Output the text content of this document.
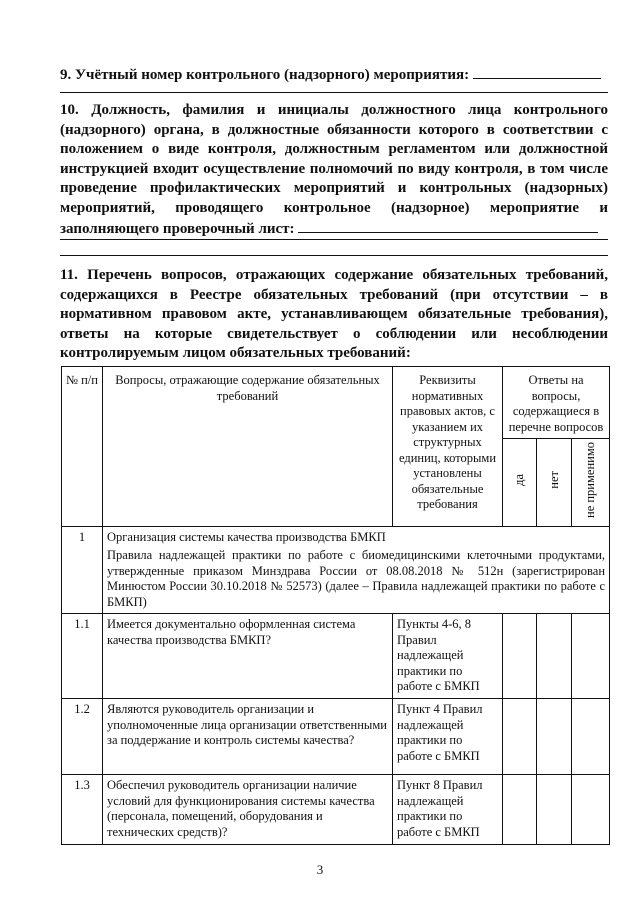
9. Учётный номер контрольного (надзорного) мероприятия:
10. Должность, фамилия и инициалы должностного лица контрольного (надзорного) органа, в должностные обязанности которого в соответствии с положением о виде контроля, должностным регламентом или должностной инструкцией входит осуществление полномочий по виду контроля, в том числе проведение профилактических мероприятий и контрольных (надзорных) мероприятий, проводящего контрольное (надзорное) мероприятие и заполняющего проверочный лист:
11. Перечень вопросов, отражающих содержание обязательных требований, содержащихся в Реестре обязательных требований (при отсутствии – в нормативном правовом акте, устанавливающем обязательные требования), ответы на которые свидетельствует о соблюдении или несоблюдении контролируемым лицом обязательных требований:
№ п/п	Вопросы, отражающие содержание обязательных требований	Реквизиты нормативных правовых актов, с указанием их структурных единиц, которыми установлены обязательные требования	Ответы на вопросы, содержащиеся в перечне вопросов		
			да	нет	не применимо
1	Организация системы качества производства БМКП

Правила надлежащей практики по работе с биомедицинскими клеточными продуктами, утвержденные приказом Минздрава России от 08.08.2018 № 512н (зарегистрирован Минюстом России 30.10.2018 № 52573) (далее – Правила надлежащей практики по работе с БМКП)				

1.1	Имеется документально оформленная система качества производства БМКП?	Пункты 4-6, 8 Правил надлежащей практики по работе с БМКП			
1.2	Являются руководитель организации и уполномоченные лица организации ответственными за поддержание и контроль системы качества?	Пункт 4 Правил надлежащей практики по работе с БМКП			
1.3	Обеспечил руководитель организации наличие условий для функционирования системы качества (персонала, помещений, оборудования и технических средств)?	Пункт 8 Правил надлежащей практики по работе с БМКП			
3
